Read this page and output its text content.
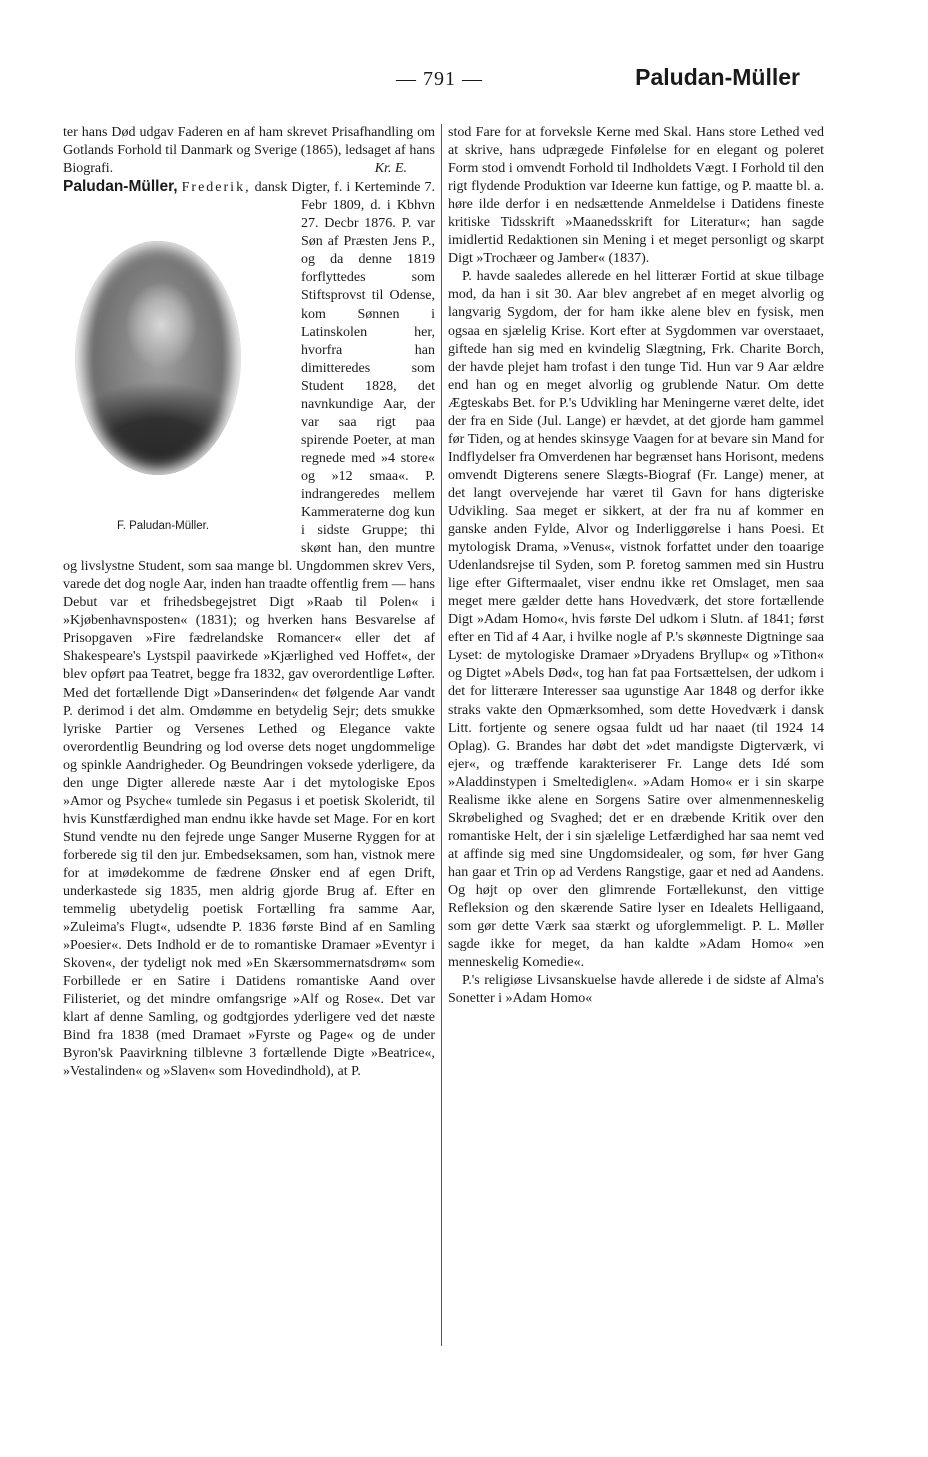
— 791 —	Paludan-Müller

ter hans Død udgav Faderen en af ham skrevet Prisafhandling om Gotlands Forhold til Danmark og Sverige (1865), ledsaget af hans Biografi.	Kr. E.

Paludan-Müller, Frederik,
F. Paludan-Müller.
dansk Digter, f. i Kerteminde 7. Febr 1809, d. i Kbhvn 27. Decbr 1876. P. var Søn af Præsten Jens P., og da denne 1819 forflyttedes som Stiftsprovst til Odense, kom Sønnen i Latinskolen her, hvorfra han dimitteredes som Student 1828, det navnkundige Aar, der var saa rigt paa spirende Poeter, at man regnede med »4 store« og »12 smaa«. P. indrangeredes mellem Kammeraterne dog kun i sidste Gruppe; thi skønt han, den muntre og livslystne Student, som saa mange bl. Ungdommen skrev Vers, varede det dog nogle Aar, inden han traadte offentlig frem — hans Debut var et frihedsbegejstret Digt »Raab til Polen« i »Kjøbenhavnsposten« (1831); og hverken hans Besvarelse af Prisopgaven »Fire fædrelandske Romancer« eller det af Shakespeare's Lystspil paavirkede »Kjærlighed ved Hoffet«, der blev opført paa Teatret, begge fra 1832, gav overordentlige Løfter. Med det fortællende Digt »Danserinden« det følgende Aar vandt P. derimod i det alm. Omdømme en betydelig Sejr; dets smukke lyriske Partier og Versenes Lethed og Elegance vakte overordentlig Beundring og lod overse dets noget ungdommelige og spinkle Aandrigheder. Og Beundringen voksede yderligere, da den unge Digter allerede næste Aar i det mytologiske Epos »Amor og Psyche« tumlede sin Pegasus i et poetisk Skoleridt, til hvis Kunstfærdighed man endnu ikke havde set Mage. For en kort Stund vendte nu den fejrede unge Sanger Muserne Ryggen for at forberede sig til den jur. Embedseksamen, som han, vistnok mere for at imødekomme de fædrene Ønsker end af egen Drift, underkastede sig 1835, men aldrig gjorde Brug af. Efter en temmelig ubetydelig poetisk Fortælling fra samme Aar, »Zuleima's Flugt«, udsendte P. 1836 første Bind af en Samling »Poesier«. Dets Indhold er de to romantiske Dramaer »Eventyr i Skoven«, der tydeligt nok med »En Skærsommernatsdrøm« som Forbillede er en Satire i Datidens romantiske Aand over Filisteriet, og det mindre omfangsrige »Alf og Rose«. Det var klart af denne Samling, og godtgjordes yderligere ved det næste Bind fra 1838 (med Dramaet »Fyrste og Page« og de under Byron'sk Paavirkning tilblevne 3 fortællende Digte »Beatrice«, »Vestalinden« og »Slaven« som Hovedindhold), at P.

stod Fare for at forveksle Kerne med Skal. Hans store Lethed ved at skrive, hans udprægede Finfølelse for en elegant og poleret Form stod i omvendt Forhold til Indholdets Vægt. I Forhold til den rigt flydende Produktion var Ideerne kun fattige, og P. maatte bl. a. høre ilde derfor i en nedsættende Anmeldelse i Datidens fineste kritiske Tidsskrift »Maanedsskrift for Literatur«; han sagde imidlertid Redaktionen sin Mening i et meget personligt og skarpt Digt »Trochæer og Jamber« (1837).

P. havde saaledes allerede en hel litterær Fortid at skue tilbage mod, da han i sit 30. Aar blev angrebet af en meget alvorlig og langvarig Sygdom, der for ham ikke alene blev en fysisk, men ogsaa en sjælelig Krise. Kort efter at Sygdommen var overstaaet, giftede han sig med en kvindelig Slægtning, Frk. Charite Borch, der havde plejet ham trofast i den tunge Tid. Hun var 9 Aar ældre end han og en meget alvorlig og grublende Natur. Om dette Ægteskabs Bet. for P.'s Udvikling har Meningerne været delte, idet der fra en Side (Jul. Lange) er hævdet, at det gjorde ham gammel før Tiden, og at hendes skinsyge Vaagen for at bevare sin Mand for Indflydelser fra Omverdenen har begrænset hans Horisont, medens omvendt Digterens senere Slægts-Biograf (Fr. Lange) mener, at det langt overvejende har været til Gavn for hans digteriske Udvikling. Saa meget er sikkert, at der fra nu af kommer en ganske anden Fylde, Alvor og Inderliggørelse i hans Poesi. Et mytologisk Drama, »Venus«, vistnok forfattet under den toaarige Udenlandsrejse til Syden, som P. foretog sammen med sin Hustru lige efter Giftermaalet, viser endnu ikke ret Omslaget, men saa meget mere gælder dette hans Hovedværk, det store fortællende Digt »Adam Homo«, hvis første Del udkom i Slutn. af 1841; først efter en Tid af 4 Aar, i hvilke nogle af P.'s skønneste Digtninge saa Lyset: de mytologiske Dramaer »Dryadens Bryllup« og »Tithon« og Digtet »Abels Død«, tog han fat paa Fortsættelsen, der udkom i det for litterære Interesser saa ugunstige Aar 1848 og derfor ikke straks vakte den Opmærksomhed, som dette Hovedværk i dansk Litt. fortjente og senere ogsaa fuldt ud har naaet (til 1924 14 Oplag). G. Brandes har døbt det »det mandigste Digterværk, vi ejer«, og træffende karakteriserer Fr. Lange dets Idé som »Aladdinstypen i Smeltediglen«. »Adam Homo« er i sin skarpe Realisme ikke alene en Sorgens Satire over almenmenneskelig Skrøbelighed og Svaghed; det er en dræbende Kritik over den romantiske Helt, der i sin sjælelige Letfærdighed har saa nemt ved at affinde sig med sine Ungdomsidealer, og som, før hver Gang han gaar et Trin op ad Verdens Rangstige, gaar et ned ad Aandens. Og højt op over den glimrende Fortællekunst, den vittige Refleksion og den skærende Satire lyser en Idealets Helligaand, som gør dette Værk saa stærkt og uforglemmeligt. P. L. Møller sagde ikke for meget, da han kaldte »Adam Homo« »en menneskelig Komedie«.

P.'s religiøse Livsanskuelse havde allerede i de sidste af Alma's Sonetter i »Adam Homo«
